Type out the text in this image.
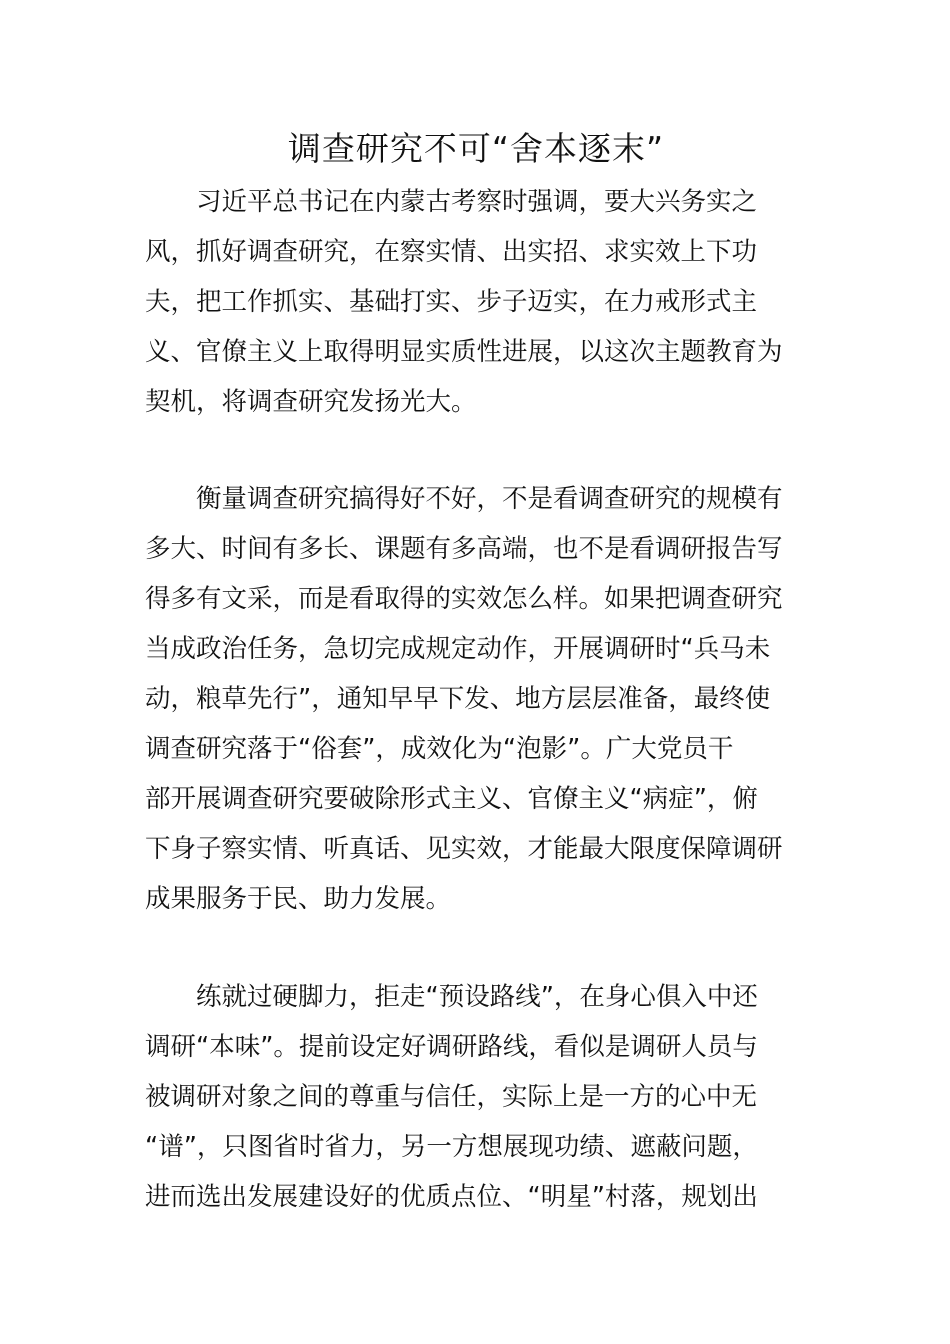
调查研究不可“舍本逐末”

习近平总书记在内蒙古考察时强调，要大兴务实之

风，抓好调查研究，在察实情、出实招、求实效上下功

夫，把工作抓实、基础打实、步子迈实，在力戒形式主

义、官僚主义上取得明显实质性进展，以这次主题教育为

契机，将调查研究发扬光大。

衡量调查研究搞得好不好，不是看调查研究的规模有

多大、时间有多长、课题有多高端，也不是看调研报告写

得多有文采，而是看取得的实效怎么样。如果把调查研究

当成政治任务，急切完成规定动作，开展调研时“兵马未

动，粮草先行”，通知早早下发、地方层层准备，最终使

调查研究落于“俗套”，成效化为“泡影”。广大党员干

部开展调查研究要破除形式主义、官僚主义“病症”，俯

下身子察实情、听真话、见实效，才能最大限度保障调研

成果服务于民、助力发展。

练就过硬脚力，拒走“预设路线”，在身心俱入中还

调研“本味”。提前设定好调研路线，看似是调研人员与

被调研对象之间的尊重与信任，实际上是一方的心中无

“谱”，只图省时省力，另一方想展现功绩、遮蔽问题，

进而选出发展建设好的优质点位、“明星”村落，规划出
